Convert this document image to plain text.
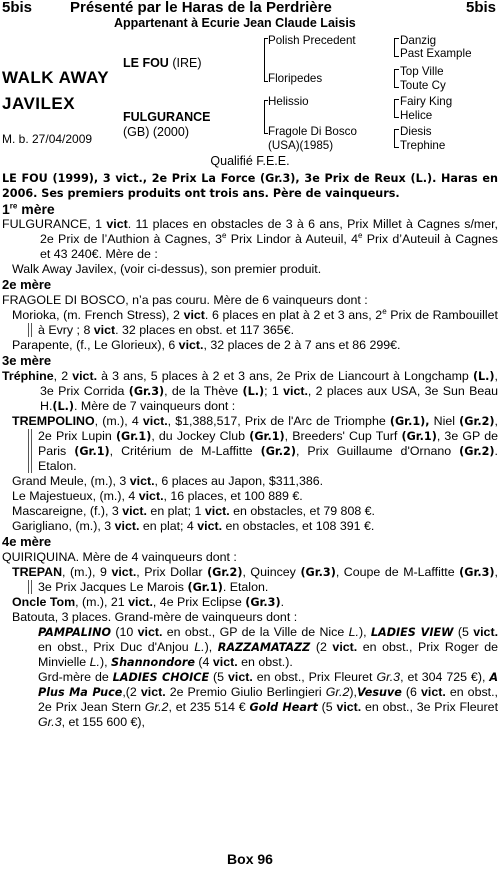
5bis	Présenté par le Haras de la Perdrière	5bis
Appartenant à Ecurie Jean Claude Laisis
WALK AWAY
JAVILEX
M. b. 27/04/2009
LE FOU (IRE)
FULGURANCE
(GB) (2000)
Polish Precedent
Floripedes
Helissio
Fragole Di Bosco
(USA)(1985)
Danzig
Past Example
Top Ville
Toute Cy
Fairy King
Helice
Diesis
Trephine
Qualifié F.E.E.

LE FOU (1999), 3 vict., 2e Prix La Force (Gr.3), 3e Prix de Reux (L.). Haras en 2006. Ses premiers produits ont trois ans. Père de vainqueurs.

1re mère

FULGURANCE, 1 vict. 11 places en obstacles de 3 à 6 ans, Prix Millet à Cagnes s/mer, 2e Prix de l’Authion à Cagnes, 3e Prix Lindor à Auteuil, 4e Prix d’Auteuil à Cagnes et 43 240€. Mère de :

Walk Away Javilex, (voir ci-dessus), son premier produit.

2e mère

FRAGOLE DI BOSCO, n’a pas couru. Mère de 6 vainqueurs dont :

Morioka, (m. French Stress), 2 vict. 6 places en plat à 2 et 3 ans, 2e Prix de Rambouillet à Evry ; 8 vict. 32 places en obst. et 117 365€.

Parapente, (f., Le Glorieux), 6 vict., 32 places de 2 à 7 ans et 86 299€.

3e mère

Tréphine, 2 vict. à 3 ans, 5 places à 2 et 3 ans, 2e Prix de Liancourt à Longchamp (L.), 3e Prix Corrida (Gr.3), de la Thève (L.); 1 vict., 2 places aux USA, 3e Sun Beau H.(L.). Mère de 7 vainqueurs dont :

TREMPOLINO, (m.), 4 vict., $1,388,517, Prix de l'Arc de Triomphe (Gr.1), Niel (Gr.2), 2e Prix Lupin (Gr.1), du Jockey Club (Gr.1), Breeders' Cup Turf (Gr.1), 3e GP de Paris (Gr.1), Critérium de M-Laffitte (Gr.2), Prix Guillaume d'Ornano (Gr.2). Etalon.

Grand Meule, (m.), 3 vict., 6 places au Japon, $311,386.

Le Majestueux, (m.), 4 vict., 16 places, et 100 889 €.

Mascareigne, (f.), 3 vict. en plat; 1 vict. en obstacles, et 79 808 €.

Garigliano, (m.), 3 vict. en plat; 4 vict. en obstacles, et 108 391 €.

4e mère

QUIRIQUINA. Mère de 4 vainqueurs dont :

TREPAN, (m.), 9 vict., Prix Dollar (Gr.2), Quincey (Gr.3), Coupe de M-Laffitte (Gr.3), 3e Prix Jacques Le Marois (Gr.1). Etalon.

Oncle Tom, (m.), 21 vict., 4e Prix Eclipse (Gr.3).

Batouta, 3 places. Grand-mère de vainqueurs dont :

PAMPALINO (10 vict. en obst., GP de la Ville de Nice L.), LADIES VIEW (5 vict. en obst., Prix Duc d'Anjou L.), RAZZAMATAZZ (2 vict. en obst., Prix Roger de Minvielle L.), Shannondore (4 vict. en obst.).

Grd-mère de LADIES CHOICE (5 vict. en obst., Prix Fleuret Gr.3, et 304 725 €), A Plus Ma Puce,(2 vict. 2e Premio Giulio Berlingieri Gr.2),Vesuve (6 vict. en obst., 2e Prix Jean Stern Gr.2, et 235 514 € Gold Heart (5 vict. en obst., 3e Prix Fleuret Gr.3, et 155 600 €),

Box 96
